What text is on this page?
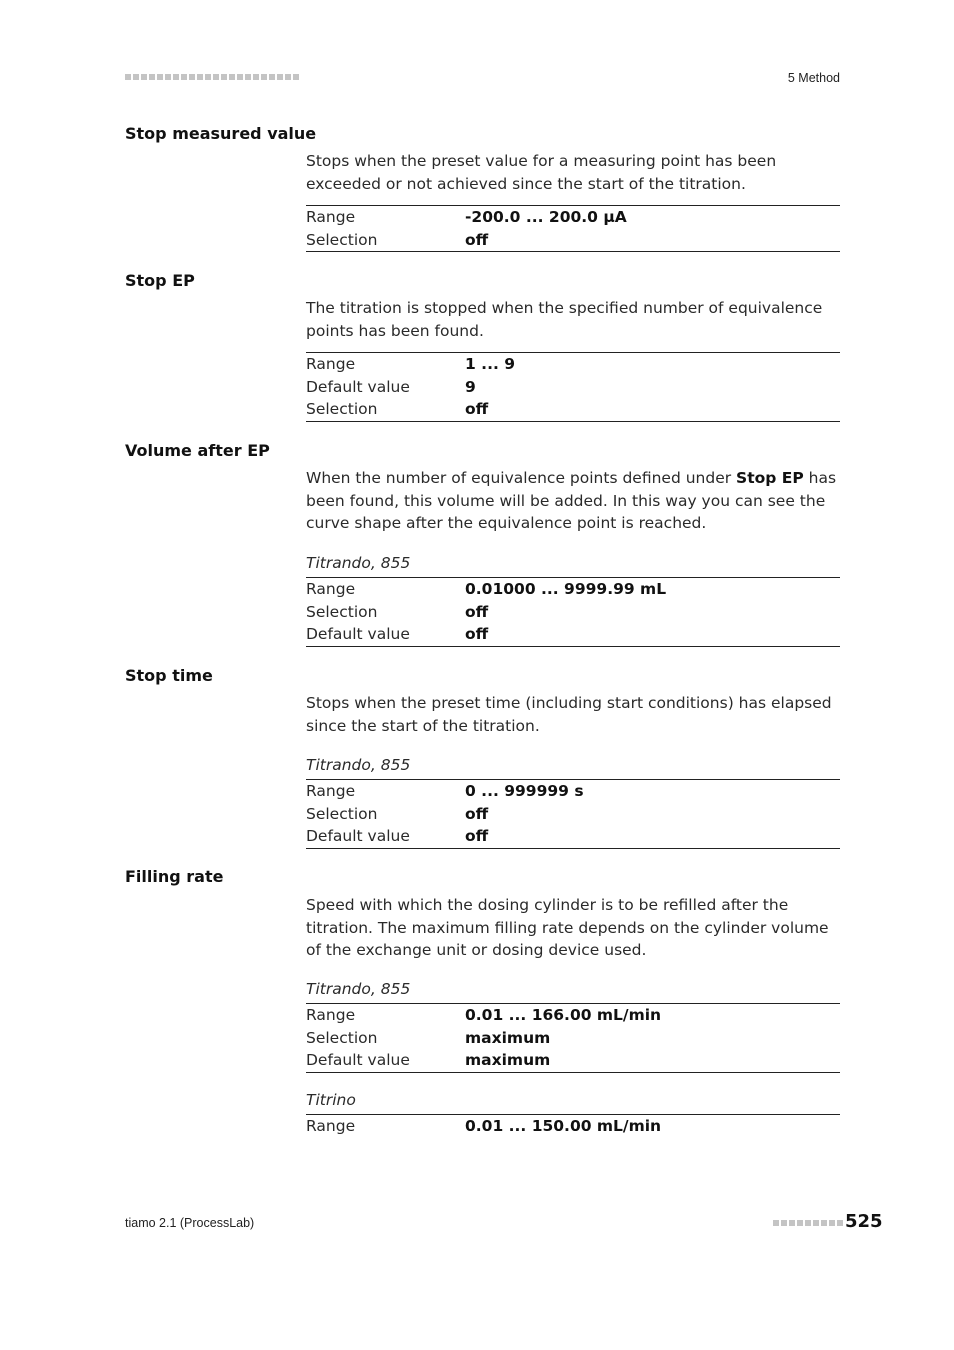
5 Method
Stop measured value
Stops when the preset value for a measuring point has been exceeded or not achieved since the start of the titration.
Range	-200.0 ... 200.0 µA
Selection	off
Stop EP
The titration is stopped when the specified number of equivalence points has been found.
Range	1 ... 9
Default value	9
Selection	off
Volume after EP
When the number of equivalence points defined under Stop EP has been found, this volume will be added. In this way you can see the curve shape after the equivalence point is reached.
Titrando, 855
Range	0.01000 ... 9999.99 mL
Selection	off
Default value	off
Stop time
Stops when the preset time (including start conditions) has elapsed since the start of the titration.
Titrando, 855
Range	0 ... 999999 s
Selection	off
Default value	off
Filling rate
Speed with which the dosing cylinder is to be refilled after the titration. The maximum filling rate depends on the cylinder volume of the exchange unit or dosing device used.
Titrando, 855
Range	0.01 ... 166.00 mL/min
Selection	maximum
Default value	maximum
Titrino
Range	0.01 ... 150.00 mL/min
tiamo 2.1 (ProcessLab)	525
